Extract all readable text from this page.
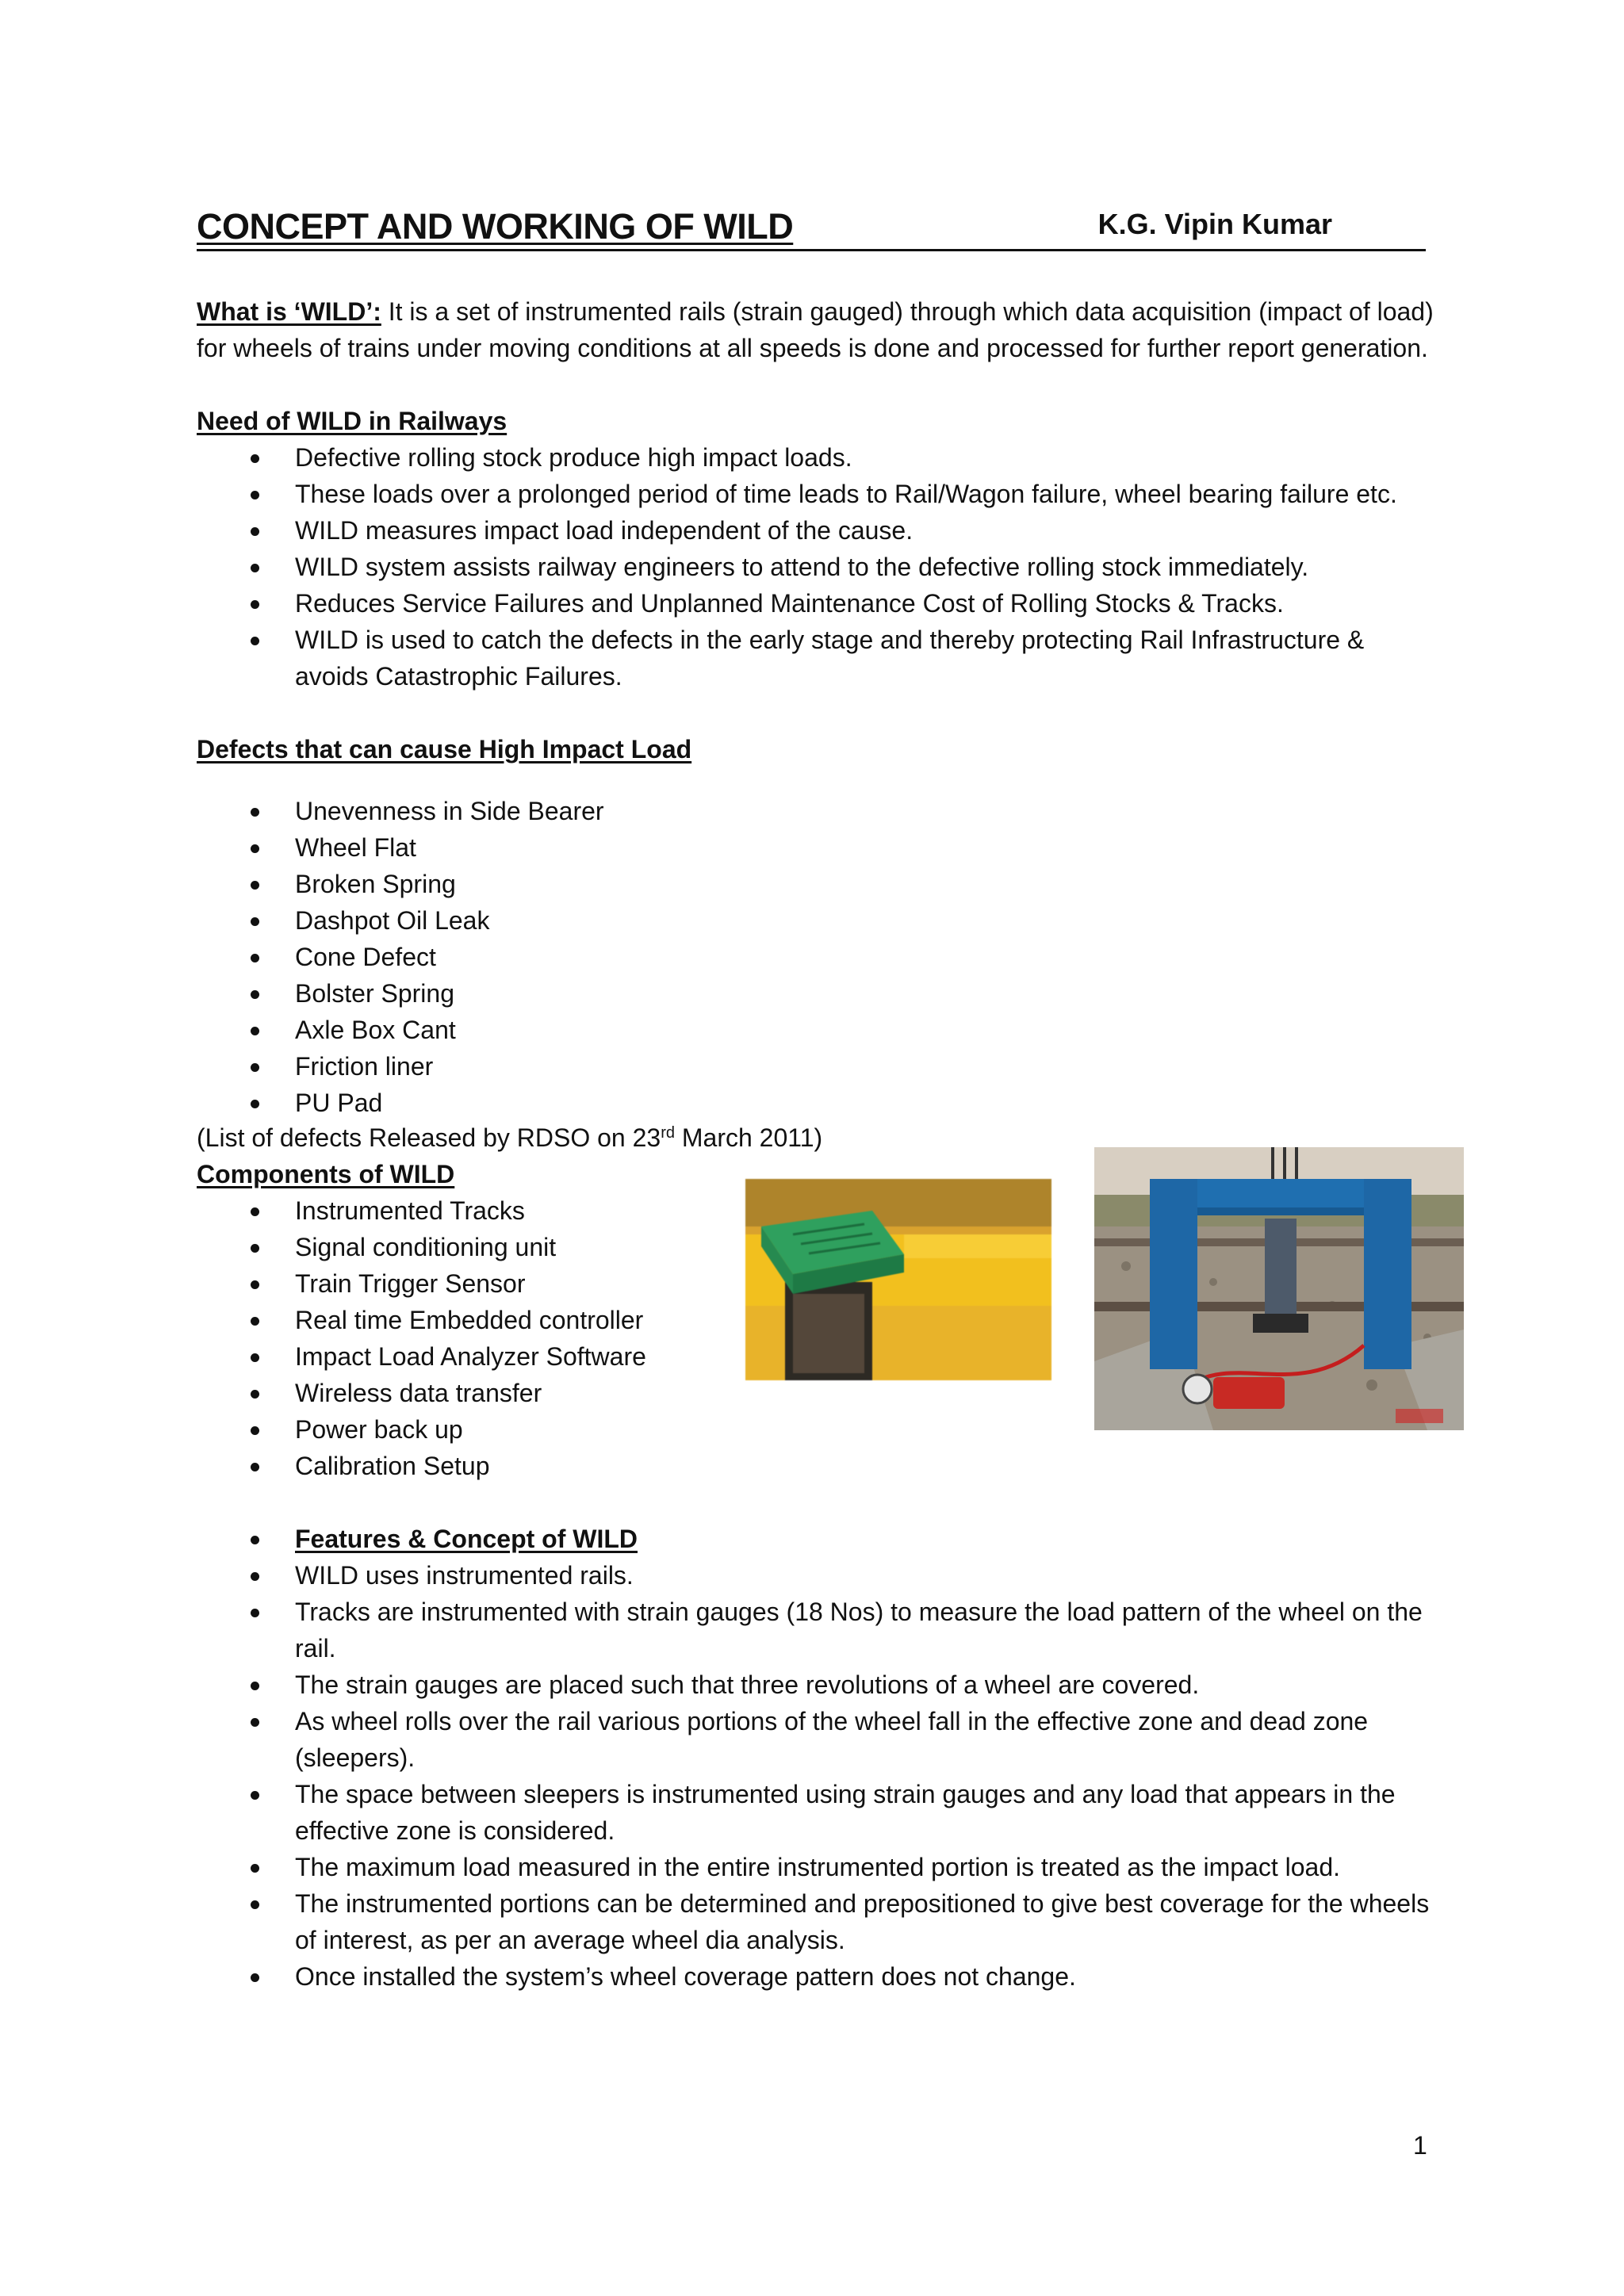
CONCEPT AND WORKING OF WILD	K.G. Vipin Kumar
What is ‘WILD’: It is a set of instrumented rails (strain gauged) through which data acquisition (impact of load) for wheels of trains under moving conditions at all speeds is done and processed for further report generation.
Need of WILD in Railways
Defective rolling stock produce high impact loads.
These loads over a prolonged period of time leads to Rail/Wagon failure, wheel bearing failure etc.
WILD measures impact load independent of the cause.
WILD system assists railway engineers to attend to the defective rolling stock immediately.
Reduces Service Failures and Unplanned Maintenance Cost of Rolling Stocks & Tracks.
WILD is used to catch the defects in the early stage and thereby protecting Rail Infrastructure & avoids Catastrophic Failures.
Defects that can cause High Impact Load
Unevenness in Side Bearer
Wheel Flat
Broken Spring
Dashpot Oil Leak
Cone Defect
Bolster Spring
Axle Box Cant
Friction liner
PU Pad
(List of defects Released by RDSO on 23rd March 2011)
Components of WILD
Instrumented Tracks
Signal conditioning unit
Train Trigger Sensor
Real time Embedded controller
Impact Load Analyzer Software
Wireless data transfer
Power back up
Calibration Setup
Features & Concept of WILD
WILD uses instrumented rails.
Tracks are instrumented with strain gauges (18 Nos) to measure the load pattern of the wheel on the rail.
The strain gauges are placed such that three revolutions of a wheel are covered.
As wheel rolls over the rail various portions of the wheel fall in the effective zone and dead zone (sleepers).
The space between sleepers is instrumented using strain gauges and any load that appears in the effective zone is considered.
The maximum load measured in the entire instrumented portion is treated as the impact load.
The instrumented portions can be determined and prepositioned to give best coverage for the wheels of interest, as per an average wheel dia analysis.
Once installed the system’s wheel coverage pattern does not change.
1
